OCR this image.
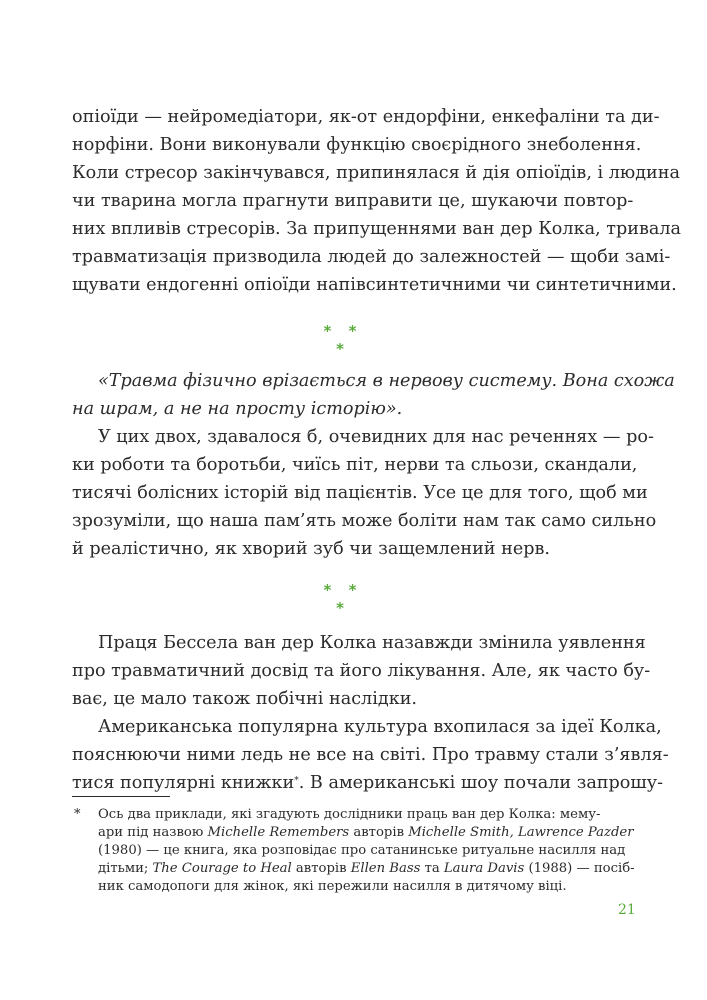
опіоїди — нейромедіатори, як-от ендорфіни, енкефаліни та ди-
норфіни. Вони виконували функцію своєрідного знеболення.
Коли стресор закінчувався, припинялася й дія опіоїдів, і людина
чи тварина могла прагнути виправити це, шукаючи повтор-
них впливів стресорів. За припущеннями ван дер Колка, тривала
травматизація призводила людей до залежностей — щоби замі-
щувати ендогенні опіоїди напівсинтетичними чи синтетичними.
* * *
«Травма фізично врізається в нервову систему. Вона схожа
на шрам, а не на просту історію».
У цих двох, здавалося б, очевидних для нас реченнях — ро-
ки роботи та боротьби, чиїсь піт, нерви та сльози, скандали,
тисячі болісних історій від пацієнтів. Усе це для того, щоб ми
зрозуміли, що наша пам’ять може боліти нам так само сильно
й реалістично, як хворий зуб чи защемлений нерв.
* * *
Праця Бессела ван дер Колка назавжди змінила уявлення
про травматичний досвід та його лікування. Але, як часто бу-
ває, це мало також побічні наслідки.
Американська популярна культура вхопилася за ідеї Колка,
пояснюючи ними ледь не все на світі. Про травму стали з’явля-
тися популярні книжки*. В американські шоу почали запрошу-
* Ось два приклади, які згадують дослідники праць ван дер Колка: мему-
ари під назвою Michelle Remembers авторів Michelle Smith, Lawrence Pazder
(1980) — це книга, яка розповідає про сатанинське ритуальне насилля над
дітьми; The Courage to Heal авторів Ellen Bass та Laura Davis (1988) — посіб-
ник самодопоги для жінок, які пережили насилля в дитячому віці.
21
